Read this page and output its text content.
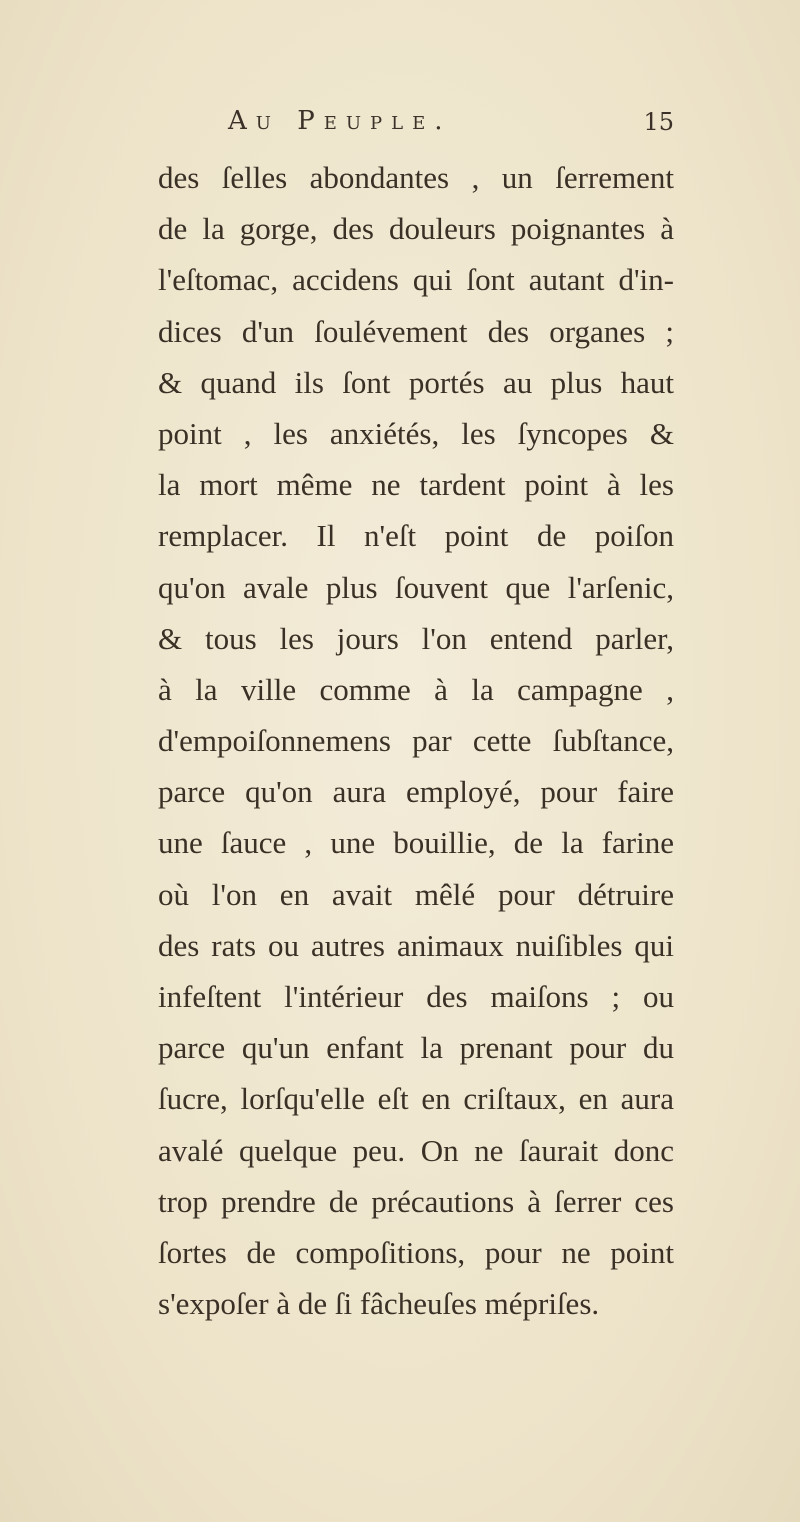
Au Peuple.	15
des ſelles abondantes , un ſerrement
de la gorge, des douleurs poignantes à
l'eſtomac, accidens qui ſont autant d'in-
dices d'un ſoulévement des organes ;
& quand ils ſont portés au plus haut
point , les anxiétés, les ſyncopes &
la mort même ne tardent point à les
remplacer. Il n'eſt point de poiſon
qu'on avale plus ſouvent que l'arſenic,
& tous les jours l'on entend parler,
à la ville comme à la campagne ,
d'empoiſonnemens par cette ſubſtance,
parce qu'on aura employé, pour faire
une ſauce , une bouillie, de la farine
où l'on en avait mêlé pour détruire
des rats ou autres animaux nuiſibles qui
infeſtent l'intérieur des maiſons ; ou
parce qu'un enfant la prenant pour du
ſucre, lorſqu'elle eſt en criſtaux, en aura
avalé quelque peu. On ne ſaurait donc
trop prendre de précautions à ſerrer ces
ſortes de compoſitions, pour ne point
s'expoſer à de ſi fâcheuſes mépriſes.
